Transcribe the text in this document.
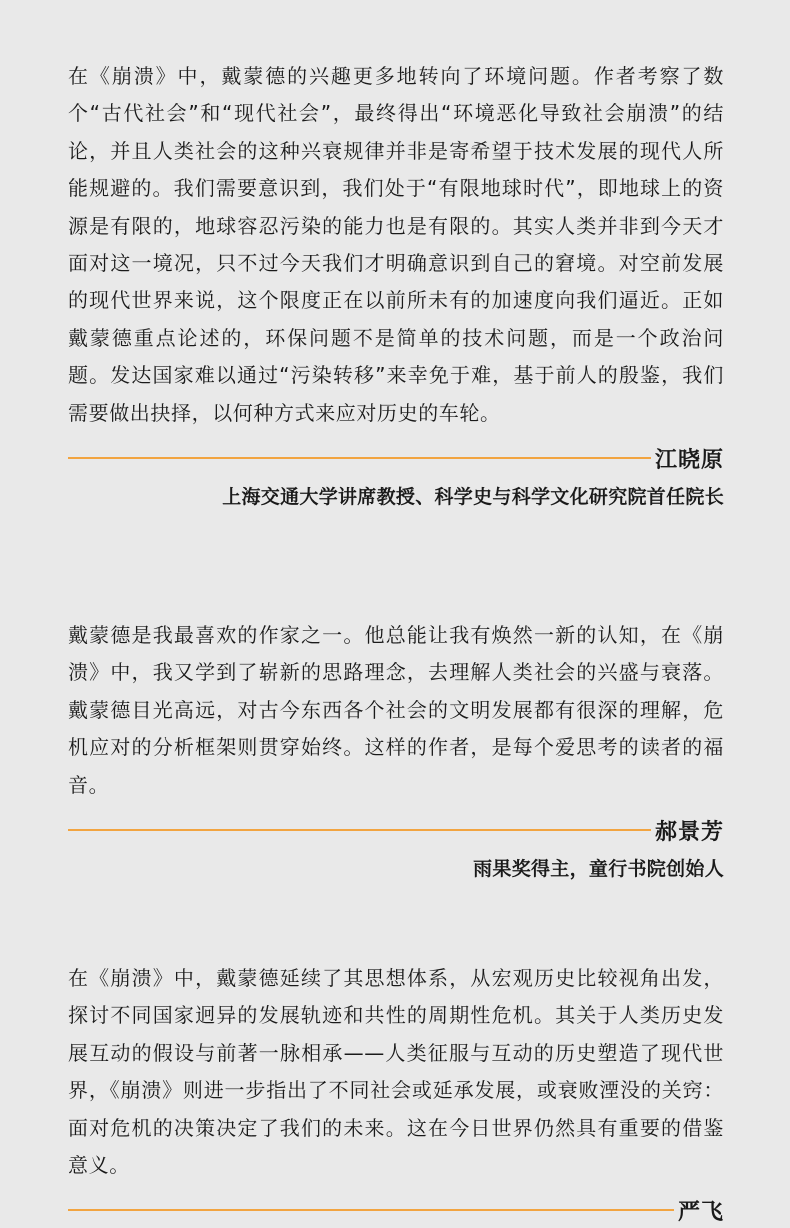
在《崩溃》中，戴蒙德的兴趣更多地转向了环境问题。作者考察了数个“古代社会”和“现代社会”，最终得出“环境恶化导致社会崩溃”的结论，并且人类社会的这种兴衰规律并非是寄希望于技术发展的现代人所能规避的。我们需要意识到，我们处于“有限地球时代”，即地球上的资源是有限的，地球容忍污染的能力也是有限的。其实人类并非到今天才面对这一境况，只不过今天我们才明确意识到自己的窘境。对空前发展的现代世界来说，这个限度正在以前所未有的加速度向我们逼近。正如戴蒙德重点论述的，环保问题不是简单的技术问题，而是一个政治问题。发达国家难以通过“污染转移”来幸免于难，基于前人的殷鉴，我们需要做出抉择，以何种方式来应对历史的车轮。

江晓原
上海交通大学讲席教授、科学史与科学文化研究院首任院长

戴蒙德是我最喜欢的作家之一。他总能让我有焕然一新的认知，在《崩溃》中，我又学到了崭新的思路理念，去理解人类社会的兴盛与衰落。戴蒙德目光高远，对古今东西各个社会的文明发展都有很深的理解，危机应对的分析框架则贯穿始终。这样的作者，是每个爱思考的读者的福音。

郝景芳
雨果奖得主，童行书院创始人

在《崩溃》中，戴蒙德延续了其思想体系，从宏观历史比较视角出发，探讨不同国家迥异的发展轨迹和共性的周期性危机。其关于人类历史发展互动的假设与前著一脉相承——人类征服与互动的历史塑造了现代世界，《崩溃》则进一步指出了不同社会或延承发展，或衰败湮没的关窍：面对危机的决策决定了我们的未来。这在今日世界仍然具有重要的借鉴意义。

严飞
